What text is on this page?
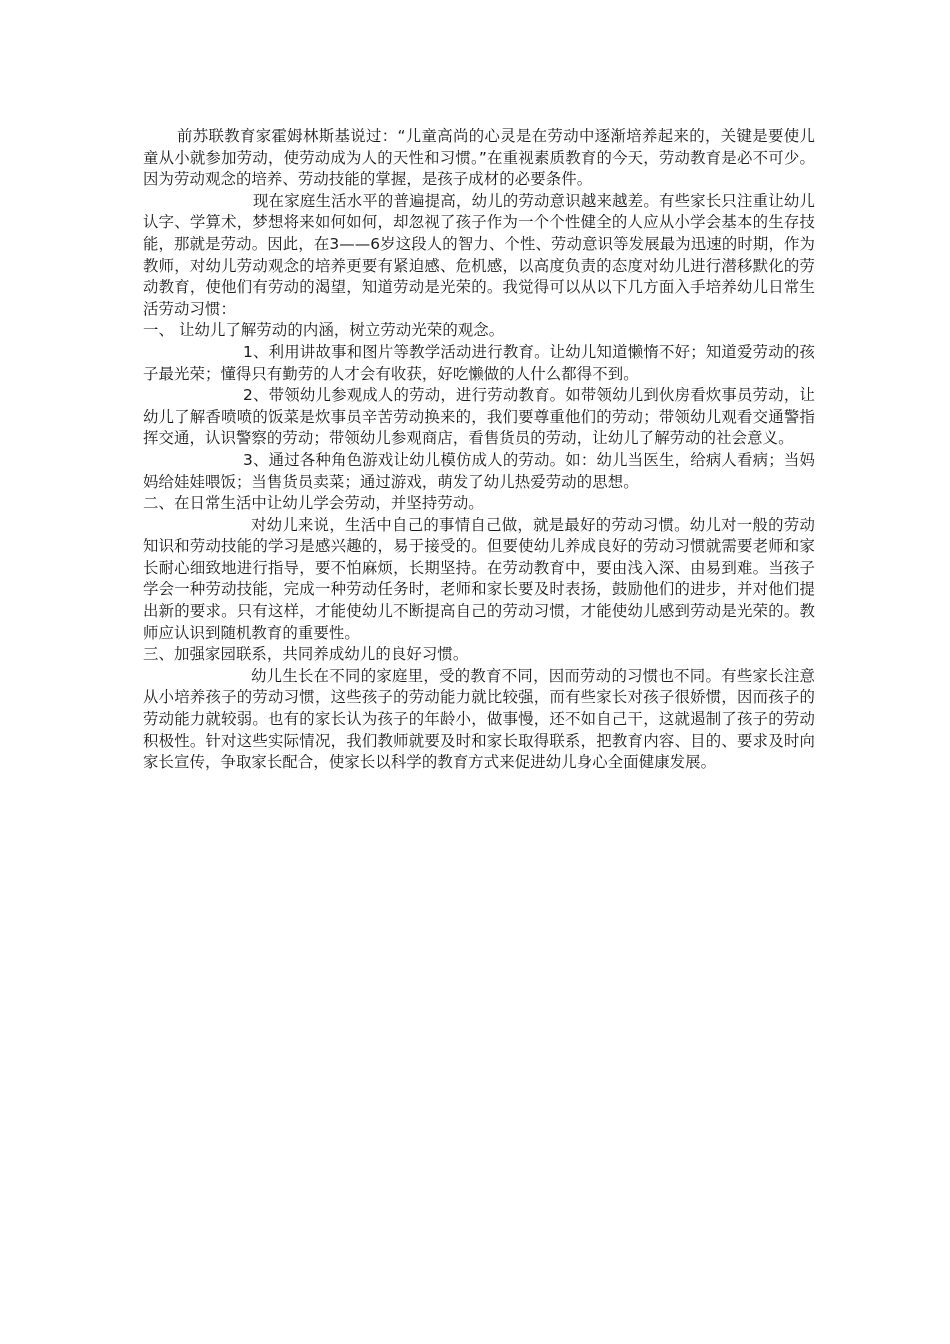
前苏联教育家霍姆林斯基说过：“儿童高尚的心灵是在劳动中逐渐培养起来的，关键是要使儿童从小就参加劳动，使劳动成为人的天性和习惯。”在重视素质教育的今天，劳动教育是必不可少。因为劳动观念的培养、劳动技能的掌握，是孩子成材的必要条件。

现在家庭生活水平的普遍提高，幼儿的劳动意识越来越差。有些家长只注重让幼儿认字、学算术，梦想将来如何如何，却忽视了孩子作为一个个性健全的人应从小学会基本的生存技能，那就是劳动。因此，在3——6岁这段人的智力、个性、劳动意识等发展最为迅速的时期，作为教师，对幼儿劳动观念的培养更要有紧迫感、危机感，以高度负责的态度对幼儿进行潜移默化的劳动教育，使他们有劳动的渴望，知道劳动是光荣的。我觉得可以从以下几方面入手培养幼儿日常生活劳动习惯：

一、 让幼儿了解劳动的内涵，树立劳动光荣的观念。

1、利用讲故事和图片等教学活动进行教育。让幼儿知道懒惰不好；知道爱劳动的孩子最光荣；懂得只有勤劳的人才会有收获，好吃懒做的人什么都得不到。

2、带领幼儿参观成人的劳动，进行劳动教育。如带领幼儿到伙房看炊事员劳动，让幼儿了解香喷喷的饭菜是炊事员辛苦劳动换来的，我们要尊重他们的劳动；带领幼儿观看交通警指挥交通，认识警察的劳动；带领幼儿参观商店，看售货员的劳动，让幼儿了解劳动的社会意义。

3、通过各种角色游戏让幼儿模仿成人的劳动。如：幼儿当医生，给病人看病；当妈妈给娃娃喂饭；当售货员卖菜；通过游戏，萌发了幼儿热爱劳动的思想。

二、在日常生活中让幼儿学会劳动，并坚持劳动。

对幼儿来说，生活中自己的事情自己做，就是最好的劳动习惯。幼儿对一般的劳动知识和劳动技能的学习是感兴趣的，易于接受的。但要使幼儿养成良好的劳动习惯就需要老师和家长耐心细致地进行指导，要不怕麻烦，长期坚持。在劳动教育中，要由浅入深、由易到难。当孩子学会一种劳动技能，完成一种劳动任务时，老师和家长要及时表扬，鼓励他们的进步，并对他们提出新的要求。只有这样，才能使幼儿不断提高自己的劳动习惯，才能使幼儿感到劳动是光荣的。教师应认识到随机教育的重要性。

三、加强家园联系，共同养成幼儿的良好习惯。

幼儿生长在不同的家庭里，受的教育不同，因而劳动的习惯也不同。有些家长注意从小培养孩子的劳动习惯，这些孩子的劳动能力就比较强，而有些家长对孩子很娇惯，因而孩子的劳动能力就较弱。也有的家长认为孩子的年龄小，做事慢，还不如自己干，这就遏制了孩子的劳动积极性。针对这些实际情况，我们教师就要及时和家长取得联系，把教育内容、目的、要求及时向家长宣传，争取家长配合，使家长以科学的教育方式来促进幼儿身心全面健康发展。
